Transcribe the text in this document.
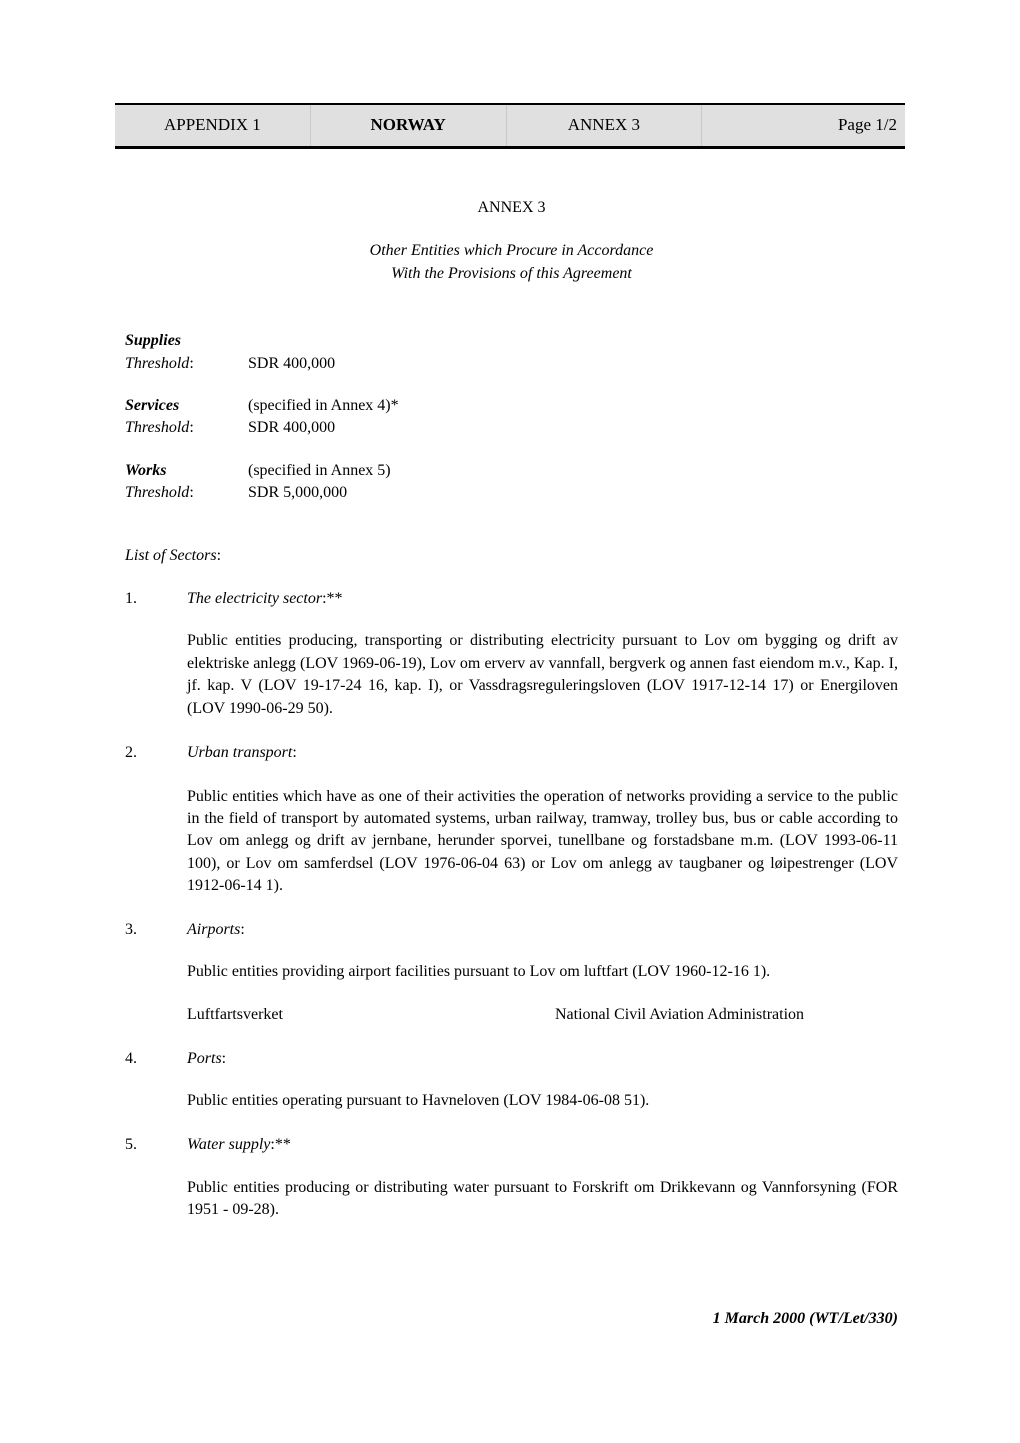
APPENDIX 1	NORWAY	ANNEX 3	Page 1/2
ANNEX 3
Other Entities which Procure in Accordance
With the Provisions of this Agreement
Supplies
Threshold:	SDR 400,000
Services	(specified in Annex 4)*
Threshold:	SDR 400,000
Works	(specified in Annex 5)
Threshold:	SDR 5,000,000
List of Sectors:
1.	The electricity sector:**
Public entities producing, transporting or distributing electricity pursuant to Lov om bygging og drift av elektriske anlegg (LOV 1969-06-19), Lov om erverv av vannfall, bergverk og annen fast eiendom m.v., Kap. I, jf. kap. V (LOV 19-17-24 16, kap. I), or Vassdragsreguleringsloven (LOV 1917-12-14 17) or Energiloven (LOV 1990-06-29 50).
2.	Urban transport:
Public entities which have as one of their activities the operation of networks providing a service to the public in the field of transport by automated systems, urban railway, tramway, trolley bus, bus or cable according to Lov om anlegg og drift av jernbane, herunder sporvei, tunellbane og forstadsbane m.m. (LOV 1993-06-11 100), or Lov om samferdsel (LOV 1976-06-04 63) or Lov om anlegg av taugbaner og løipestrenger (LOV 1912-06-14 1).
3.	Airports:
Public entities providing airport facilities pursuant to Lov om luftfart (LOV 1960-12-16 1).
Luftfartsverket	National Civil Aviation Administration
4.	Ports:
Public entities operating pursuant to Havneloven (LOV 1984-06-08 51).
5.	Water supply:**
Public entities producing or distributing water pursuant to Forskrift om Drikkevann og Vannforsyning (FOR 1951 - 09-28).
1 March 2000 (WT/Let/330)
